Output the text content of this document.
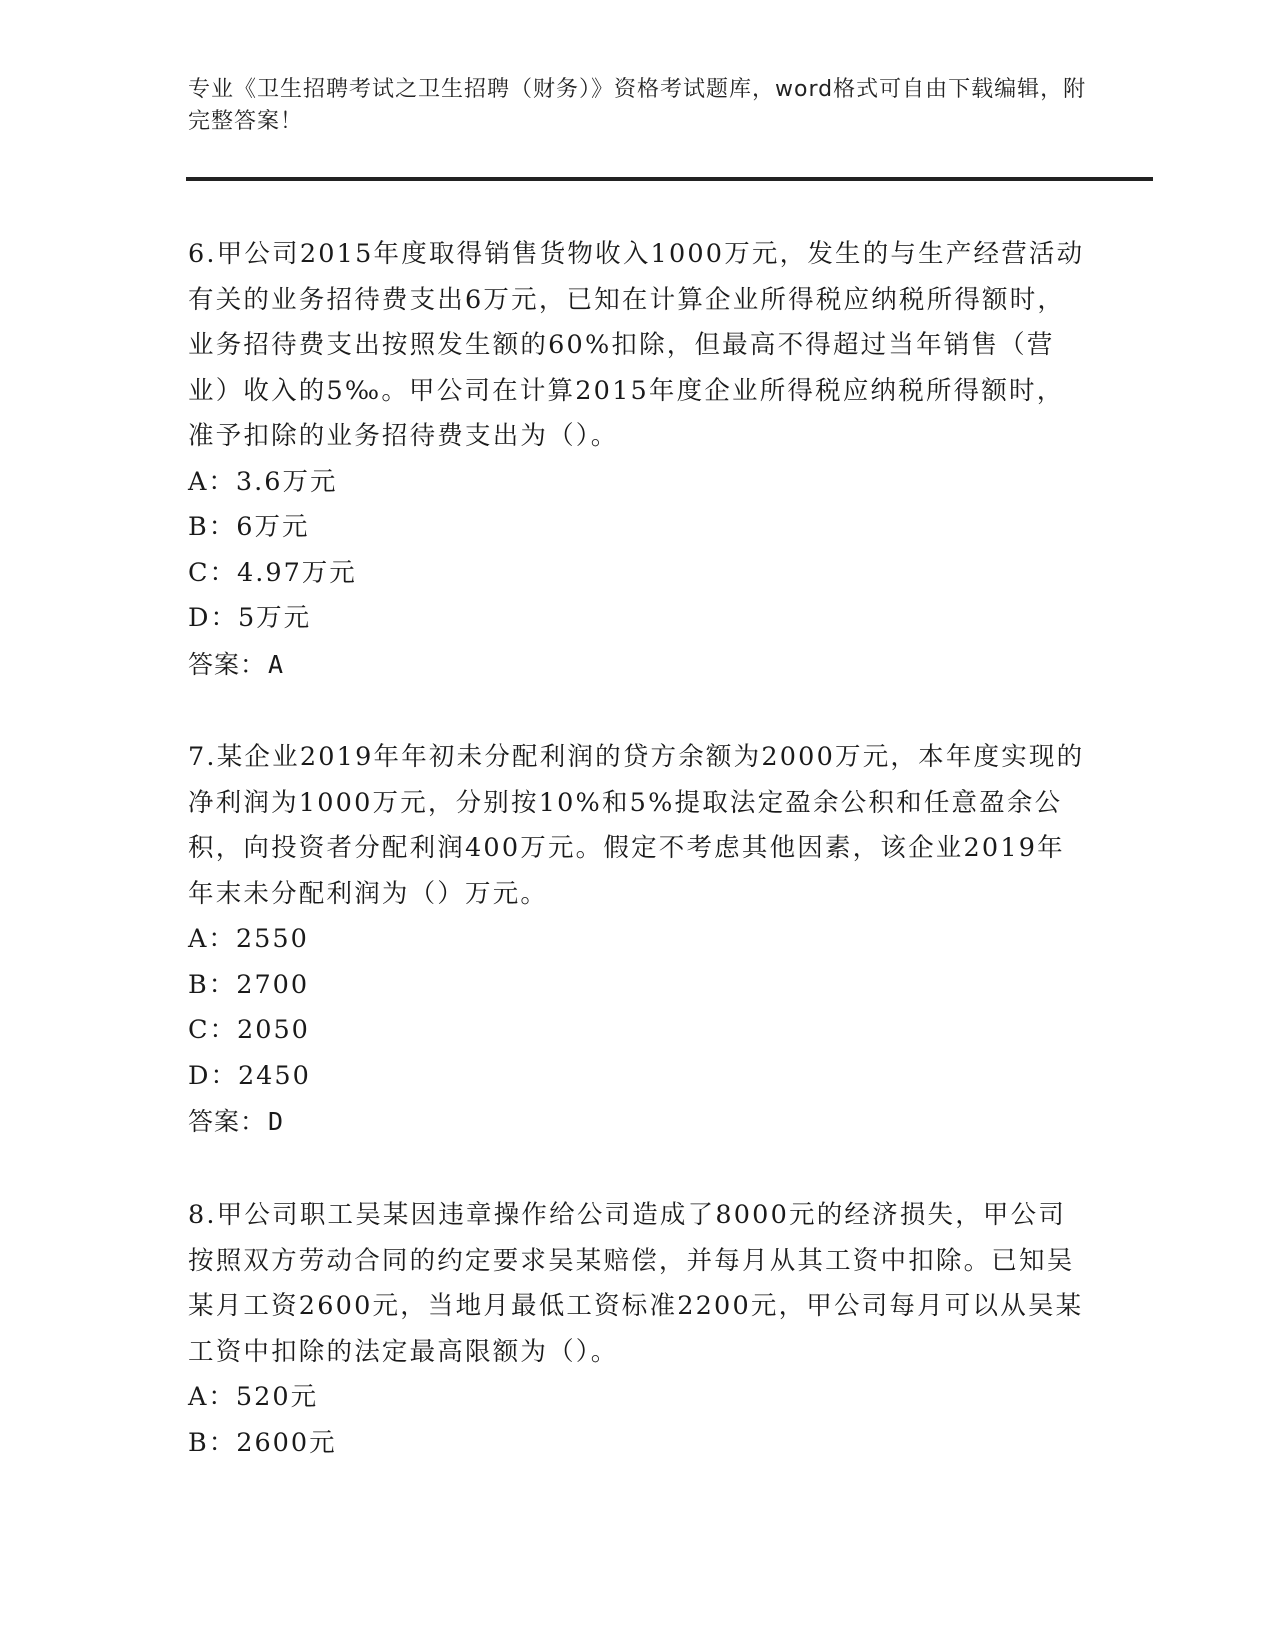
专业《卫生招聘考试之卫生招聘（财务）》资格考试题库，word格式可自由下载编辑，附完整答案！

6.甲公司2015年度取得销售货物收入1000万元，发生的与生产经营活动有关的业务招待费支出6万元，已知在计算企业所得税应纳税所得额时，业务招待费支出按照发生额的60%扣除，但最高不得超过当年销售（营业）收入的5‰。甲公司在计算2015年度企业所得税应纳税所得额时，准予扣除的业务招待费支出为（）。

A：3.6万元

B：6万元

C：4.97万元

D：5万元

答案：A

7.某企业2019年年初未分配利润的贷方余额为2000万元，本年度实现的净利润为1000万元，分别按10%和5%提取法定盈余公积和任意盈余公积，向投资者分配利润400万元。假定不考虑其他因素，该企业2019年年末未分配利润为（）万元。

A：2550

B：2700

C：2050

D：2450

答案：D

8.甲公司职工吴某因违章操作给公司造成了8000元的经济损失，甲公司按照双方劳动合同的约定要求吴某赔偿，并每月从其工资中扣除。已知吴某月工资2600元，当地月最低工资标准2200元，甲公司每月可以从吴某工资中扣除的法定最高限额为（）。

A：520元

B：2600元
